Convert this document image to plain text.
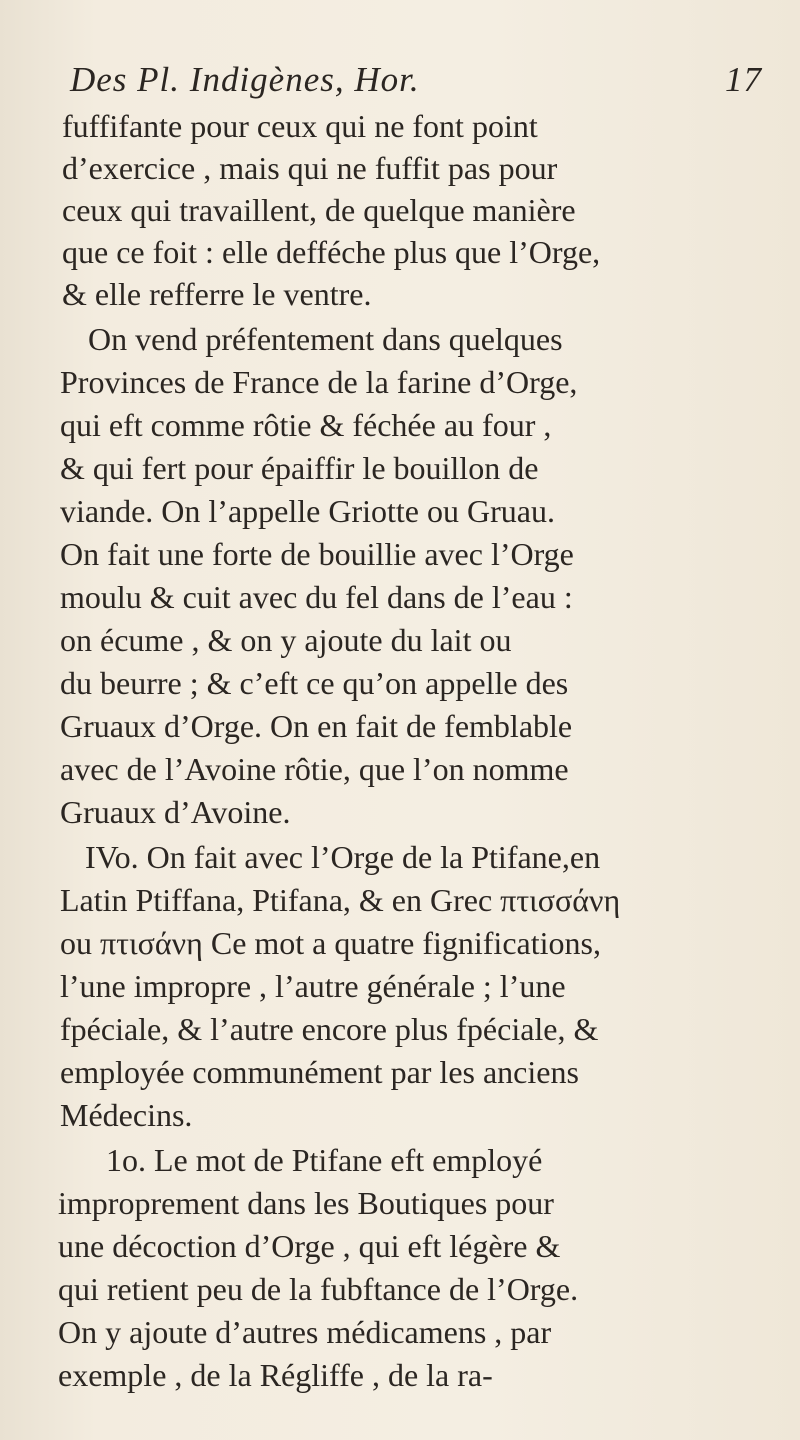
Des Pl. Indigènes, Hor.	17
fuffifante pour ceux qui ne font point
d’exercice , mais qui ne fuffit pas pour
ceux qui travaillent, de quelque manière
que ce foit : elle defféche plus que l’Orge,
& elle refferre le ventre.
On vend préfentement dans quelques
Provinces de France de la farine d’Orge,
qui eft comme rôtie & féchée au four ,
& qui fert pour épaiffir le bouillon de
viande. On l’appelle Griotte ou Gruau.
On fait une forte de bouillie avec l’Orge
moulu & cuit avec du fel dans de l’eau :
on écume , & on y ajoute du lait ou
du beurre ; & c’eft ce qu’on appelle des
Gruaux d’Orge. On en fait de femblable
avec de l’Avoine rôtie, que l’on nomme
Gruaux d’Avoine.
IVo. On fait avec l’Orge de la Ptifane,en
Latin Ptiffana, Ptifana, & en Grec πτισσάνη
ou πτισάνη Ce mot a quatre fignifications,
l’une impropre , l’autre générale ; l’une
fpéciale, & l’autre encore plus fpéciale, &
employée communément par les anciens
Médecins.
1o. Le mot de Ptifane eft employé
improprement dans les Boutiques pour
une décoction d’Orge , qui eft légère &
qui retient peu de la fubftance de l’Orge.
On y ajoute d’autres médicamens , par
exemple , de la Régliffe , de la ra-
